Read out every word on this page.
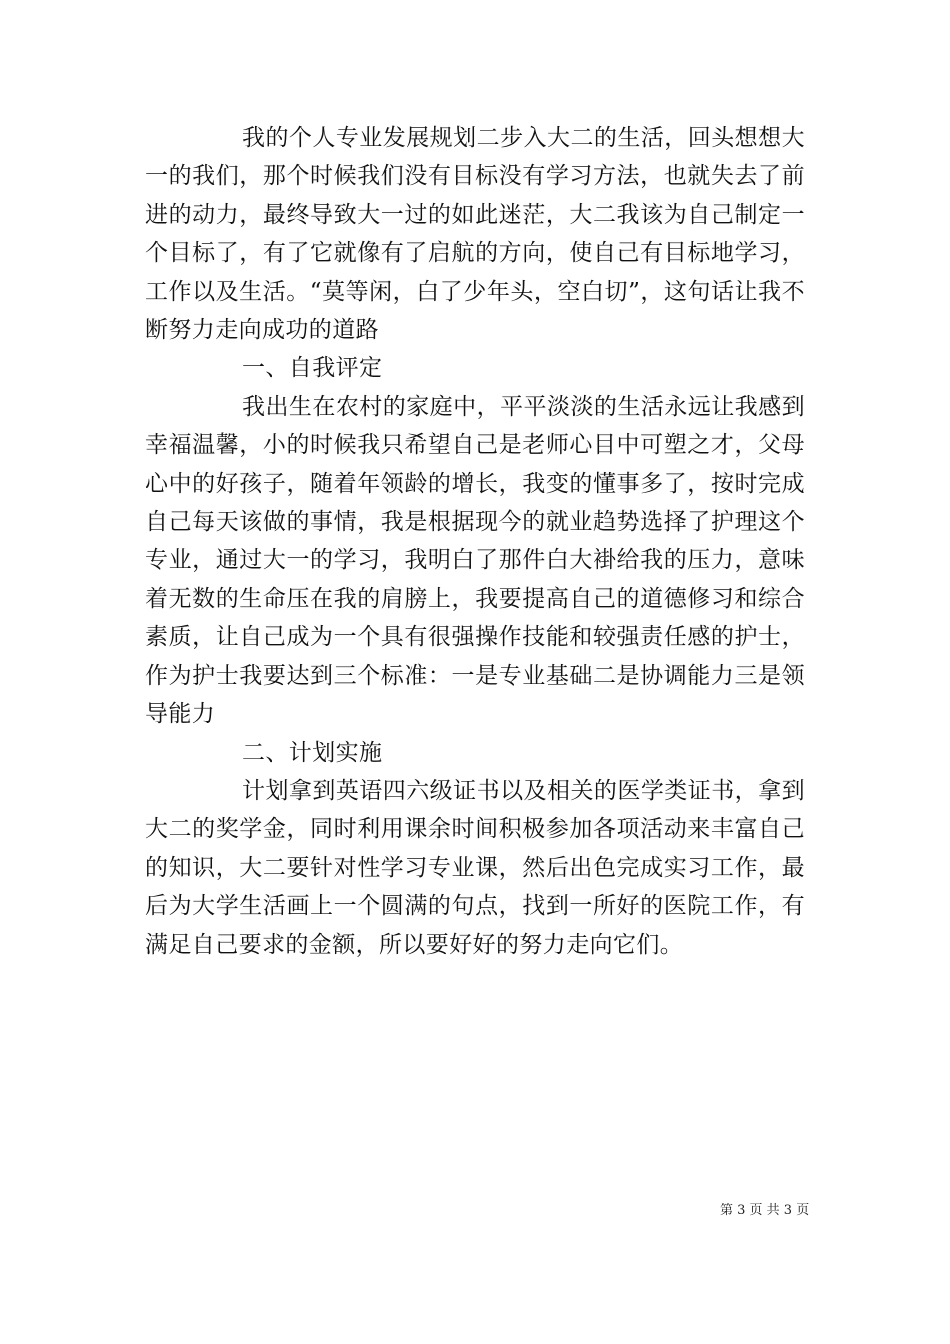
我的个人专业发展规划二步入大二的生活，回头想想大一的我们，那个时候我们没有目标没有学习方法，也就失去了前进的动力，最终导致大一过的如此迷茫，大二我该为自己制定一个目标了，有了它就像有了启航的方向，使自己有目标地学习，工作以及生活。“莫等闲，白了少年头，空白切”，这句话让我不断努力走向成功的道路

一、自我评定

我出生在农村的家庭中，平平淡淡的生活永远让我感到幸福温馨，小的时候我只希望自己是老师心目中可塑之才，父母心中的好孩子，随着年领龄的增长，我变的懂事多了，按时完成自己每天该做的事情，我是根据现今的就业趋势选择了护理这个专业，通过大一的学习，我明白了那件白大褂给我的压力，意味着无数的生命压在我的肩膀上，我要提高自己的道德修习和综合素质，让自己成为一个具有很强操作技能和较强责任感的护士，作为护士我要达到三个标准：一是专业基础二是协调能力三是领导能力

二、计划实施

计划拿到英语四六级证书以及相关的医学类证书，拿到大二的奖学金，同时利用课余时间积极参加各项活动来丰富自己的知识，大二要针对性学习专业课，然后出色完成实习工作，最后为大学生活画上一个圆满的句点，找到一所好的医院工作，有满足自己要求的金额，所以要好好的努力走向它们。

第 3 页 共 3 页
